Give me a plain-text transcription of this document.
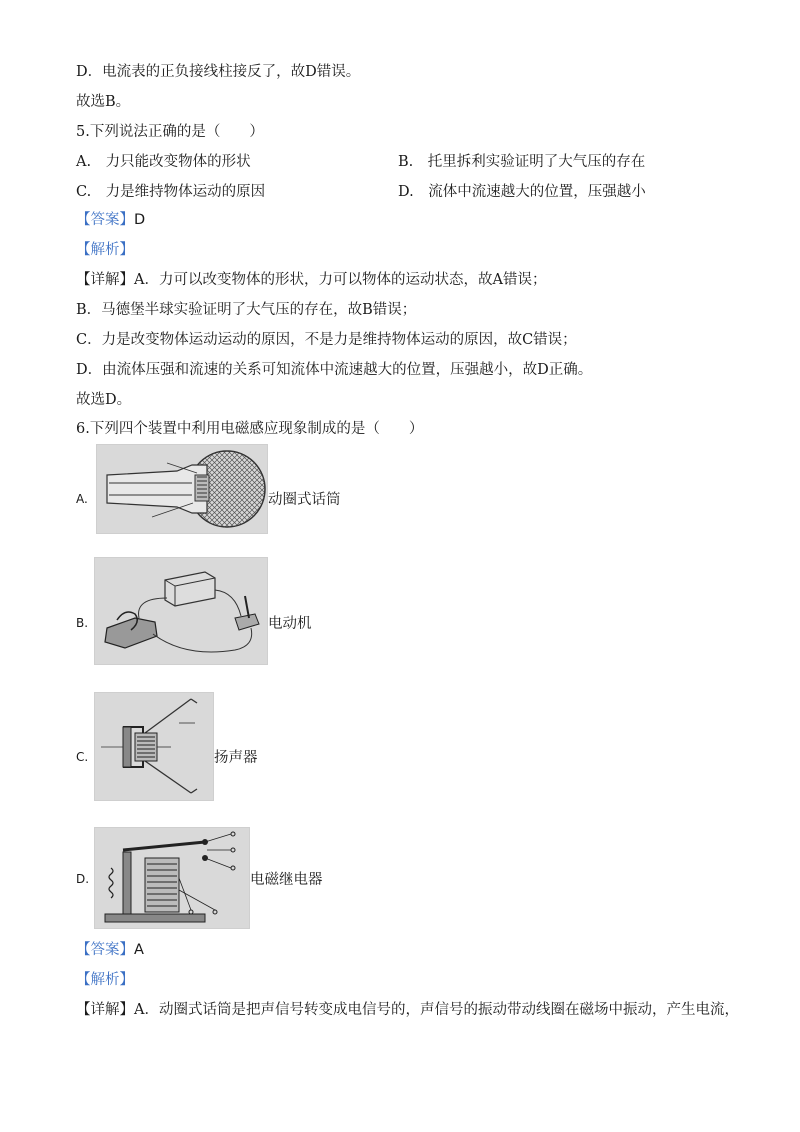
D．电流表的正负接线柱接反了，故D错误。
故选B。
5.下列说法正确的是（　　）
A.　力只能改变物体的形状	B.　托里拆利实验证明了大气压的存在
C.　力是维持物体运动的原因	D.　流体中流速越大的位置，压强越小
【答案】D
【解析】
【详解】A．力可以改变物体的形状，力可以物体的运动状态，故A错误；
B．马德堡半球实验证明了大气压的存在，故B错误；
C．力是改变物体运动运动的原因，不是力是维持物体运动的原因，故C错误；
D．由流体压强和流速的关系可知流体中流速越大的位置，压强越小，故D正确。
故选D。
6.下列四个装置中利用电磁感应现象制成的是（　　）
A.	动圈式话筒
B.	电动机
C.	扬声器
D.	电磁继电器
【答案】A
【解析】
【详解】A．动圈式话筒是把声信号转变成电信号的，声信号的振动带动线圈在磁场中振动，产生电流，
